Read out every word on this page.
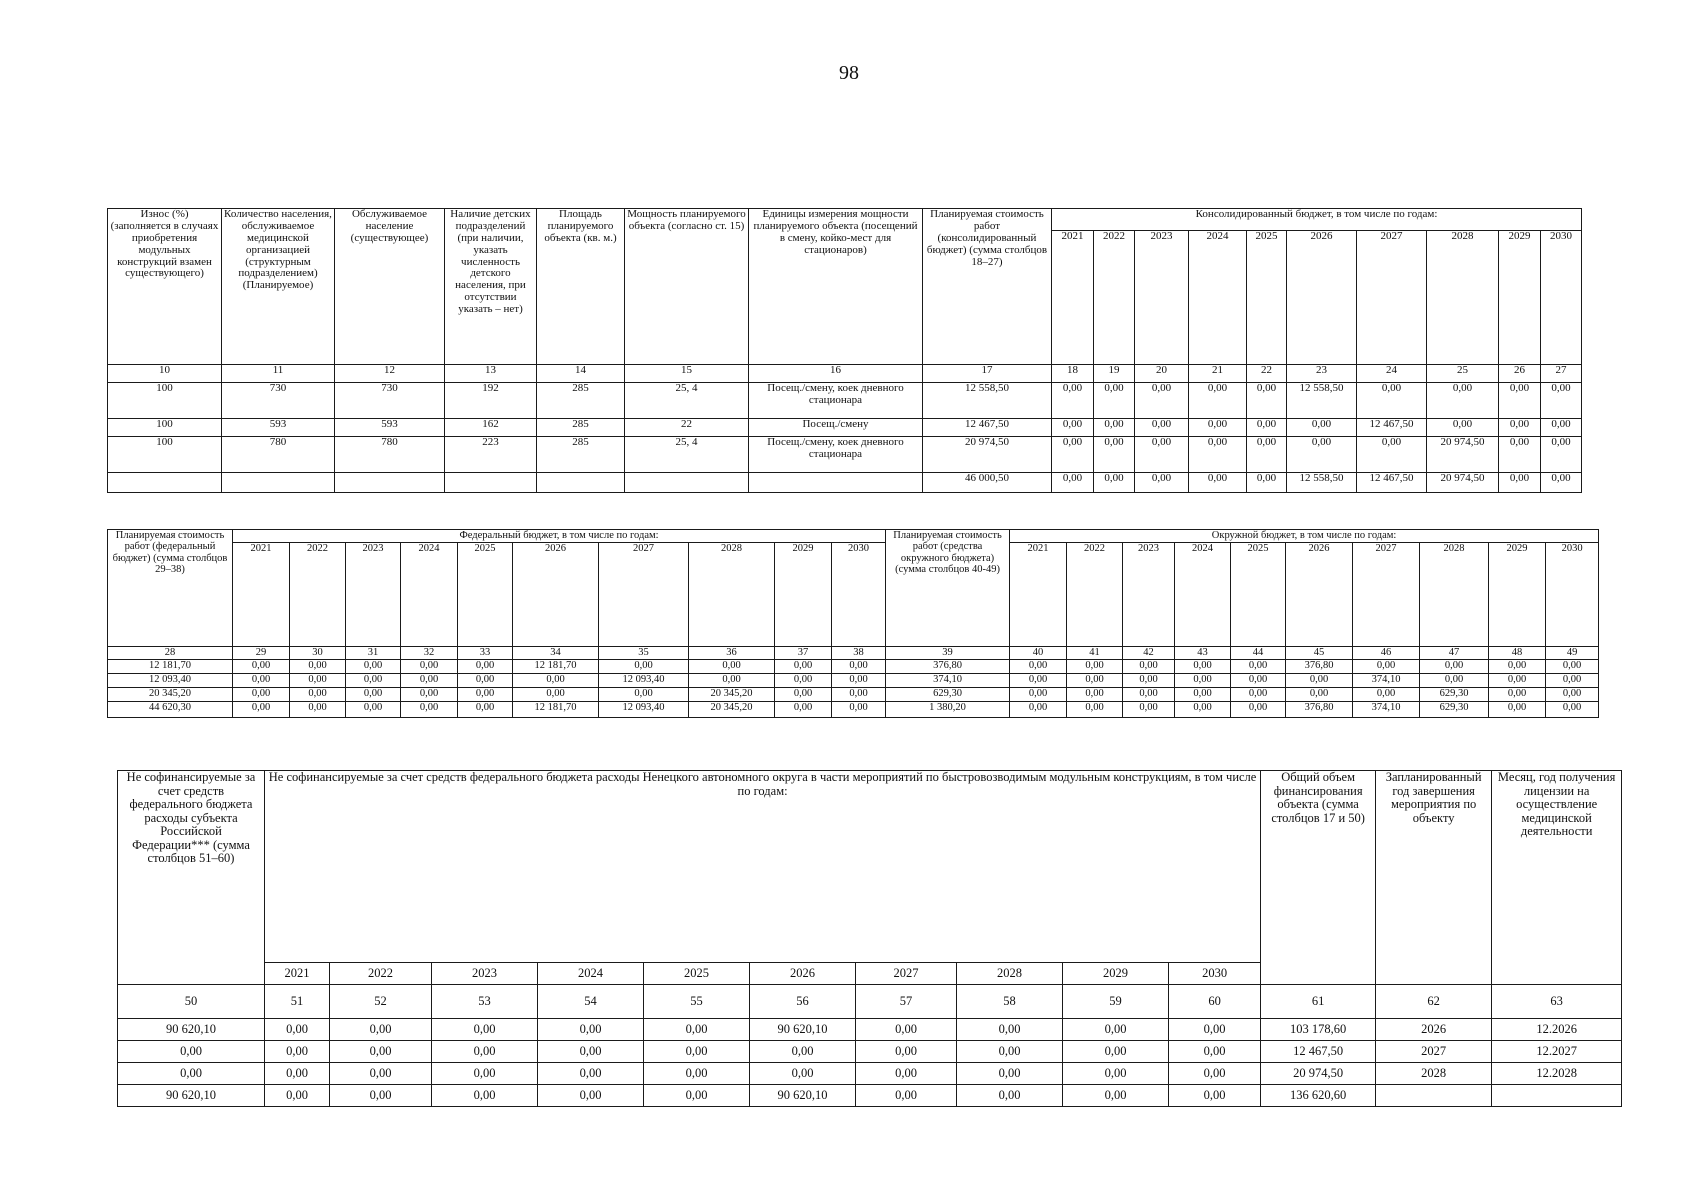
98
Износ (%) (заполняется в случаях приобретения модульных конструкций взамен существующего)	Количество населения, обслуживаемое медицинской организацией (структурным подразделением) (Планируемое)	Обслуживаемое население (существующее)	Наличие детских подразделений (при наличии, указать численность детского населения, при отсутствии указать – нет)	Площадь планируемого объекта (кв. м.)	Мощность планируемого объекта (согласно ст. 15)	Единицы измерения мощности планируемого объекта (посещений в смену, койко-мест для стационаров)	Планируемая стоимость работ (консолидированный бюджет) (сумма столбцов 18–27)	Консолидированный бюджет, в том числе по годам:									
								2021	2022	2023	2024	2025	2026	2027	2028	2029	2030
10	11	12	13	14	15	16	17	18	19	20	21	22	23	24	25	26	27
100	730	730	192	285	25, 4	Посещ./смену, коек дневного стационара	12 558,50	0,00	0,00	0,00	0,00	0,00	12 558,50	0,00	0,00	0,00	0,00
100	593	593	162	285	22	Посещ./смену	12 467,50	0,00	0,00	0,00	0,00	0,00	0,00	12 467,50	0,00	0,00	0,00
100	780	780	223	285	25, 4	Посещ./смену, коек дневного стационара	20 974,50	0,00	0,00	0,00	0,00	0,00	0,00	0,00	20 974,50	0,00	0,00
							46 000,50	0,00	0,00	0,00	0,00	0,00	12 558,50	12 467,50	20 974,50	0,00	0,00
Планируемая стоимость работ (федеральный бюджет) (сумма столбцов 29–38)	Федеральный бюджет, в том числе по годам:										Планируемая стоимость работ (средства окружного бюджета) (сумма столбцов 40-49)	Окружной бюджет, в том числе по годам:									
	2021	2022	2023	2024	2025	2026	2027	2028	2029	2030		2021	2022	2023	2024	2025	2026	2027	2028	2029	2030
28	29	30	31	32	33	34	35	36	37	38	39	40	41	42	43	44	45	46	47	48	49
12 181,70	0,00	0,00	0,00	0,00	0,00	12 181,70	0,00	0,00	0,00	0,00	376,80	0,00	0,00	0,00	0,00	0,00	376,80	0,00	0,00	0,00	0,00
12 093,40	0,00	0,00	0,00	0,00	0,00	0,00	12 093,40	0,00	0,00	0,00	374,10	0,00	0,00	0,00	0,00	0,00	0,00	374,10	0,00	0,00	0,00
20 345,20	0,00	0,00	0,00	0,00	0,00	0,00	0,00	20 345,20	0,00	0,00	629,30	0,00	0,00	0,00	0,00	0,00	0,00	0,00	629,30	0,00	0,00
44 620,30	0,00	0,00	0,00	0,00	0,00	12 181,70	12 093,40	20 345,20	0,00	0,00	1 380,20	0,00	0,00	0,00	0,00	0,00	376,80	374,10	629,30	0,00	0,00
Не софинансируемые за счет средств федерального бюджета расходы субъекта Российской Федерации*** (сумма столбцов 51–60)	Не софинансируемые за счет средств федерального бюджета расходы Ненецкого автономного округа в части мероприятий по быстровозводимым модульным конструкциям, в том числе по годам:										Общий объем финансирования объекта (сумма столбцов 17 и 50)	Запланированный год завершения мероприятия по объекту	Месяц, год получения лицензии на осуществление медицинской деятельности
	2021	2022	2023	2024	2025	2026	2027	2028	2029	2030			
50	51	52	53	54	55	56	57	58	59	60	61	62	63
90 620,10	0,00	0,00	0,00	0,00	0,00	90 620,10	0,00	0,00	0,00	0,00	103 178,60	2026	12.2026
0,00	0,00	0,00	0,00	0,00	0,00	0,00	0,00	0,00	0,00	0,00	12 467,50	2027	12.2027
0,00	0,00	0,00	0,00	0,00	0,00	0,00	0,00	0,00	0,00	0,00	20 974,50	2028	12.2028
90 620,10	0,00	0,00	0,00	0,00	0,00	90 620,10	0,00	0,00	0,00	0,00	136 620,60		
